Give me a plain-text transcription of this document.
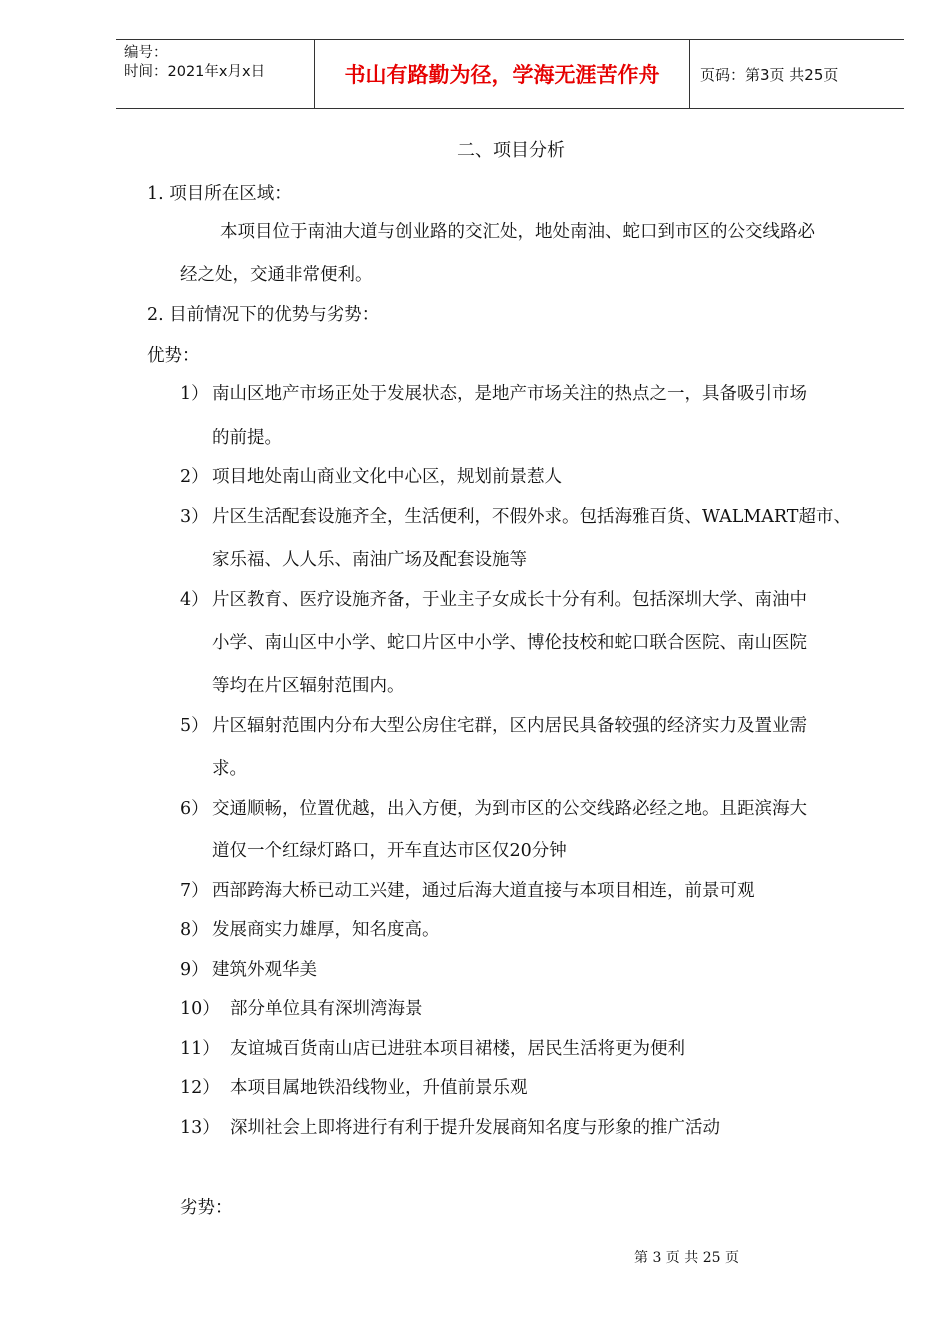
编号：
时间：2021年x月x日	书山有路勤为径，学海无涯苦作舟	页码：第3页 共25页
二、项目分析
1. 项目所在区域：
本项目位于南油大道与创业路的交汇处，地处南油、蛇口到市区的公交线路必
经之处，交通非常便利。
2. 目前情况下的优势与劣势：
优势：
1） 南山区地产市场正处于发展状态，是地产市场关注的热点之一，具备吸引市场
的前提。
2） 项目地处南山商业文化中心区，规划前景惹人
3） 片区生活配套设施齐全，生活便利，不假外求。包括海雅百货、WALMART超市、
家乐福、人人乐、南油广场及配套设施等
4） 片区教育、医疗设施齐备，于业主子女成长十分有利。包括深圳大学、南油中
小学、南山区中小学、蛇口片区中小学、博伦技校和蛇口联合医院、南山医院
等均在片区辐射范围内。
5） 片区辐射范围内分布大型公房住宅群，区内居民具备较强的经济实力及置业需
求。
6） 交通顺畅，位置优越，出入方便，为到市区的公交线路必经之地。且距滨海大
道仅一个红绿灯路口，开车直达市区仅20分钟
7） 西部跨海大桥已动工兴建，通过后海大道直接与本项目相连，前景可观
8） 发展商实力雄厚，知名度高。
9） 建筑外观华美
10） 部分单位具有深圳湾海景
11） 友谊城百货南山店已进驻本项目裙楼，居民生活将更为便利
12） 本项目属地铁沿线物业，升值前景乐观
13） 深圳社会上即将进行有利于提升发展商知名度与形象的推广活动
劣势：
第 3 页 共 25 页
